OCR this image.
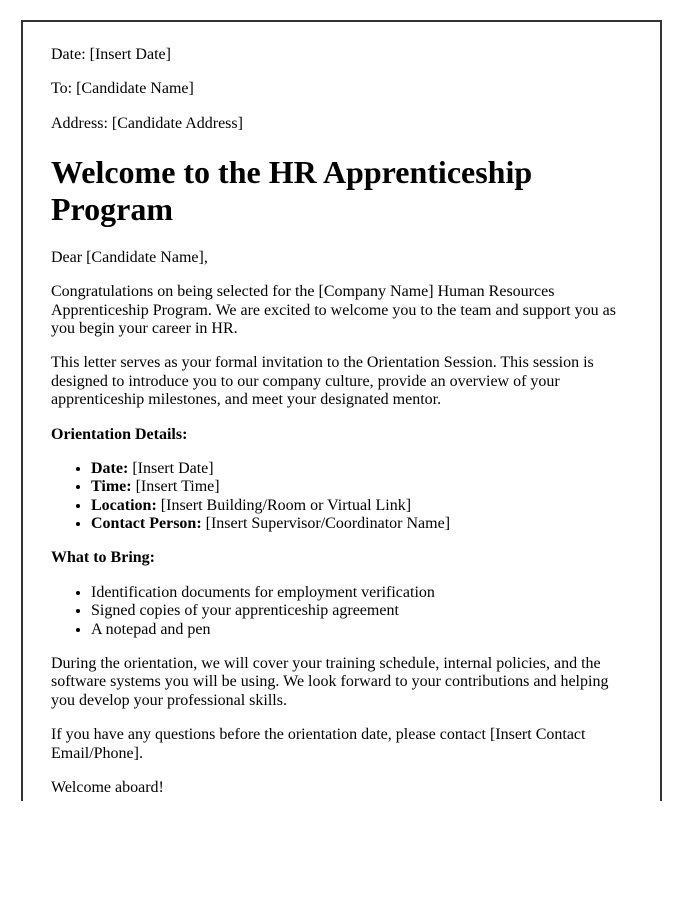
Date: [Insert Date]

To: [Candidate Name]

Address: [Candidate Address]

Welcome to the HR Apprenticeship Program

Dear [Candidate Name],

Congratulations on being selected for the [Company Name] Human Resources Apprenticeship Program. We are excited to welcome you to the team and support you as you begin your career in HR.

This letter serves as your formal invitation to the Orientation Session. This session is designed to introduce you to our company culture, provide an overview of your apprenticeship milestones, and meet your designated mentor.

Orientation Details:

• Date: [Insert Date]
• Time: [Insert Time]
• Location: [Insert Building/Room or Virtual Link]
• Contact Person: [Insert Supervisor/Coordinator Name]

What to Bring:

• Identification documents for employment verification
• Signed copies of your apprenticeship agreement
• A notepad and pen

During the orientation, we will cover your training schedule, internal policies, and the software systems you will be using. We look forward to your contributions and helping you develop your professional skills.

If you have any questions before the orientation date, please contact [Insert Contact Email/Phone].

Welcome aboard!
